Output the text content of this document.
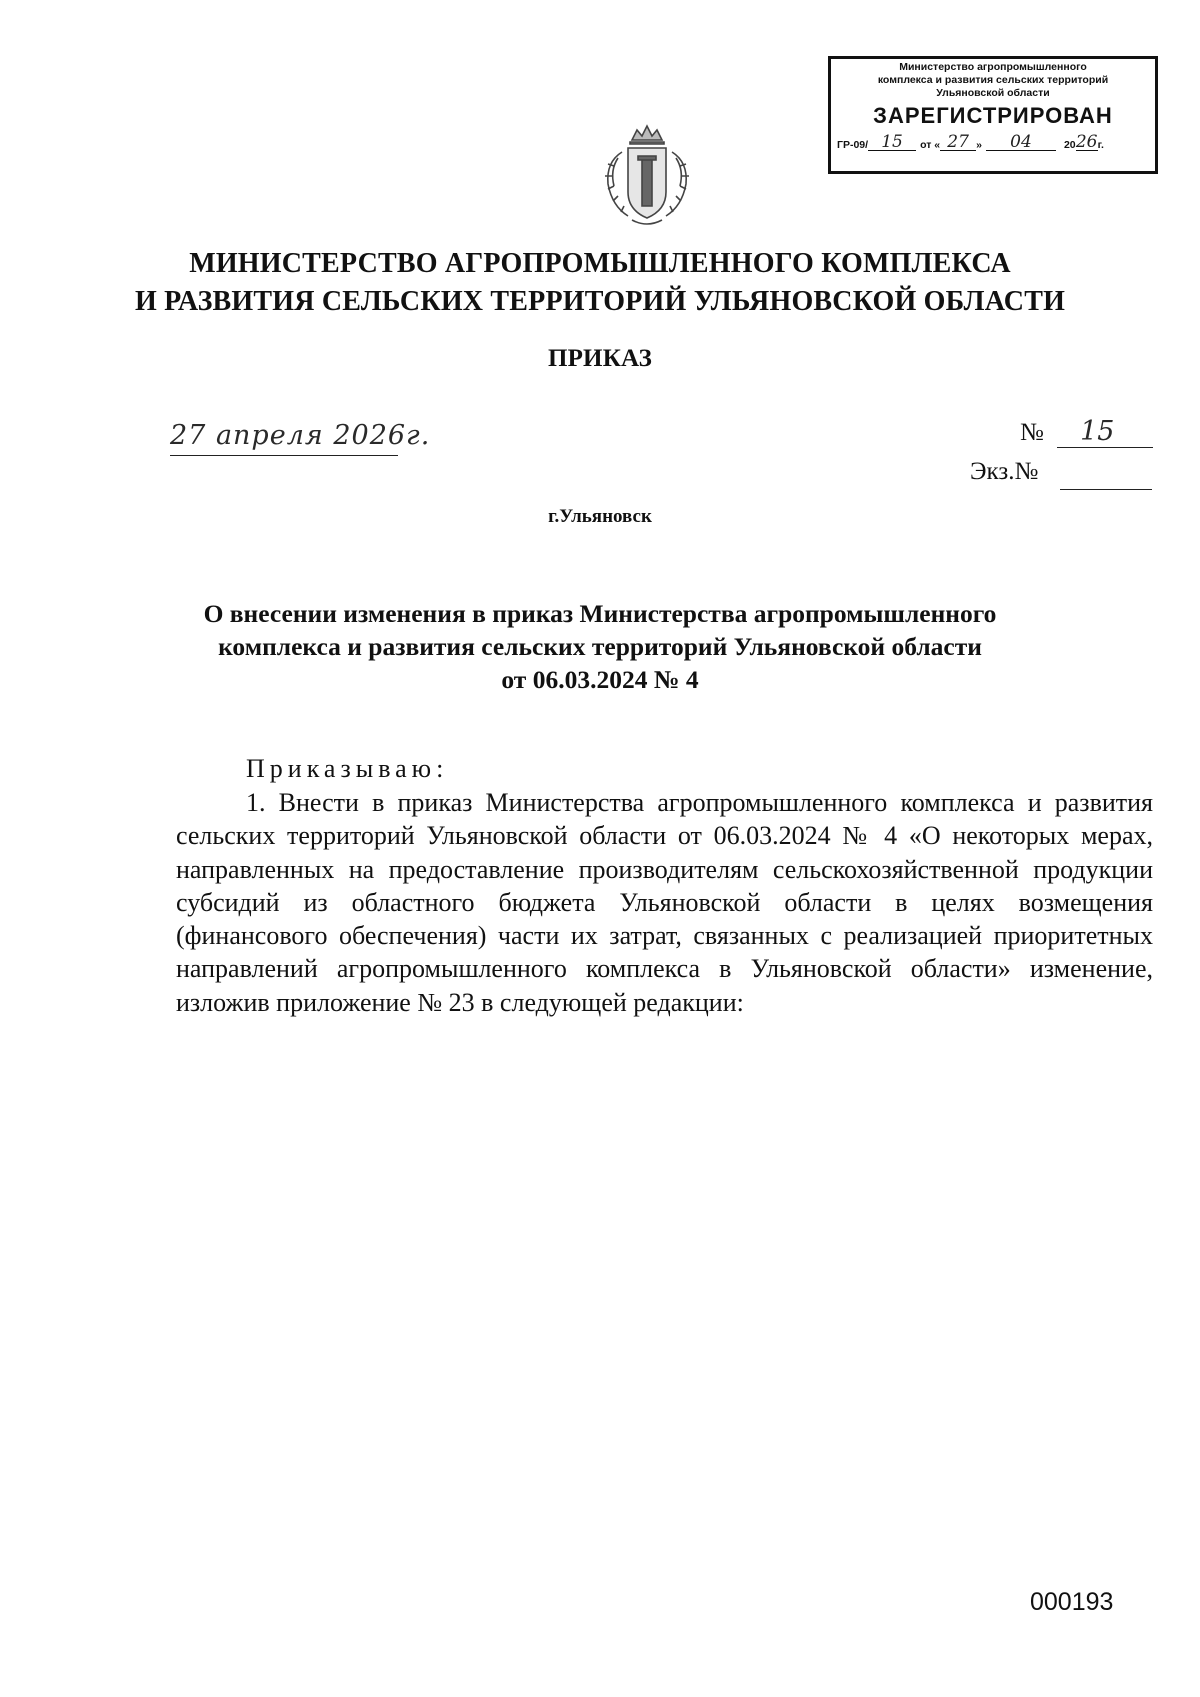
Министерство агропромышленного
комплекса и развития сельских территорий
Ульяновской области
ЗАРЕГИСТРИРОВАН
ГР-09/ 15	от « 27 »	04	20 26 г.
МИНИСТЕРСТВО АГРОПРОМЫШЛЕННОГО КОМПЛЕКСА
И РАЗВИТИЯ СЕЛЬСКИХ ТЕРРИТОРИЙ УЛЬЯНОВСКОЙ ОБЛАСТИ
ПРИКАЗ
27 апреля 2026г.	№ 15
Экз.№
г.Ульяновск
О внесении изменения в приказ Министерства агропромышленного
комплекса и развития сельских территорий Ульяновской области
от 06.03.2024 № 4
Приказываю:
1. Внести в приказ Министерства агропромышленного комплекса и развития сельских территорий Ульяновской области от 06.03.2024 № 4 «О некоторых мерах, направленных на предоставление производителям сельскохозяйственной продукции субсидий из областного бюджета Ульяновской области в целях возмещения (финансового обеспечения) части их затрат, связанных с реализацией приоритетных направлений агропромышленного комплекса в Ульяновской области» изменение, изложив приложение № 23 в следующей редакции:
000193
